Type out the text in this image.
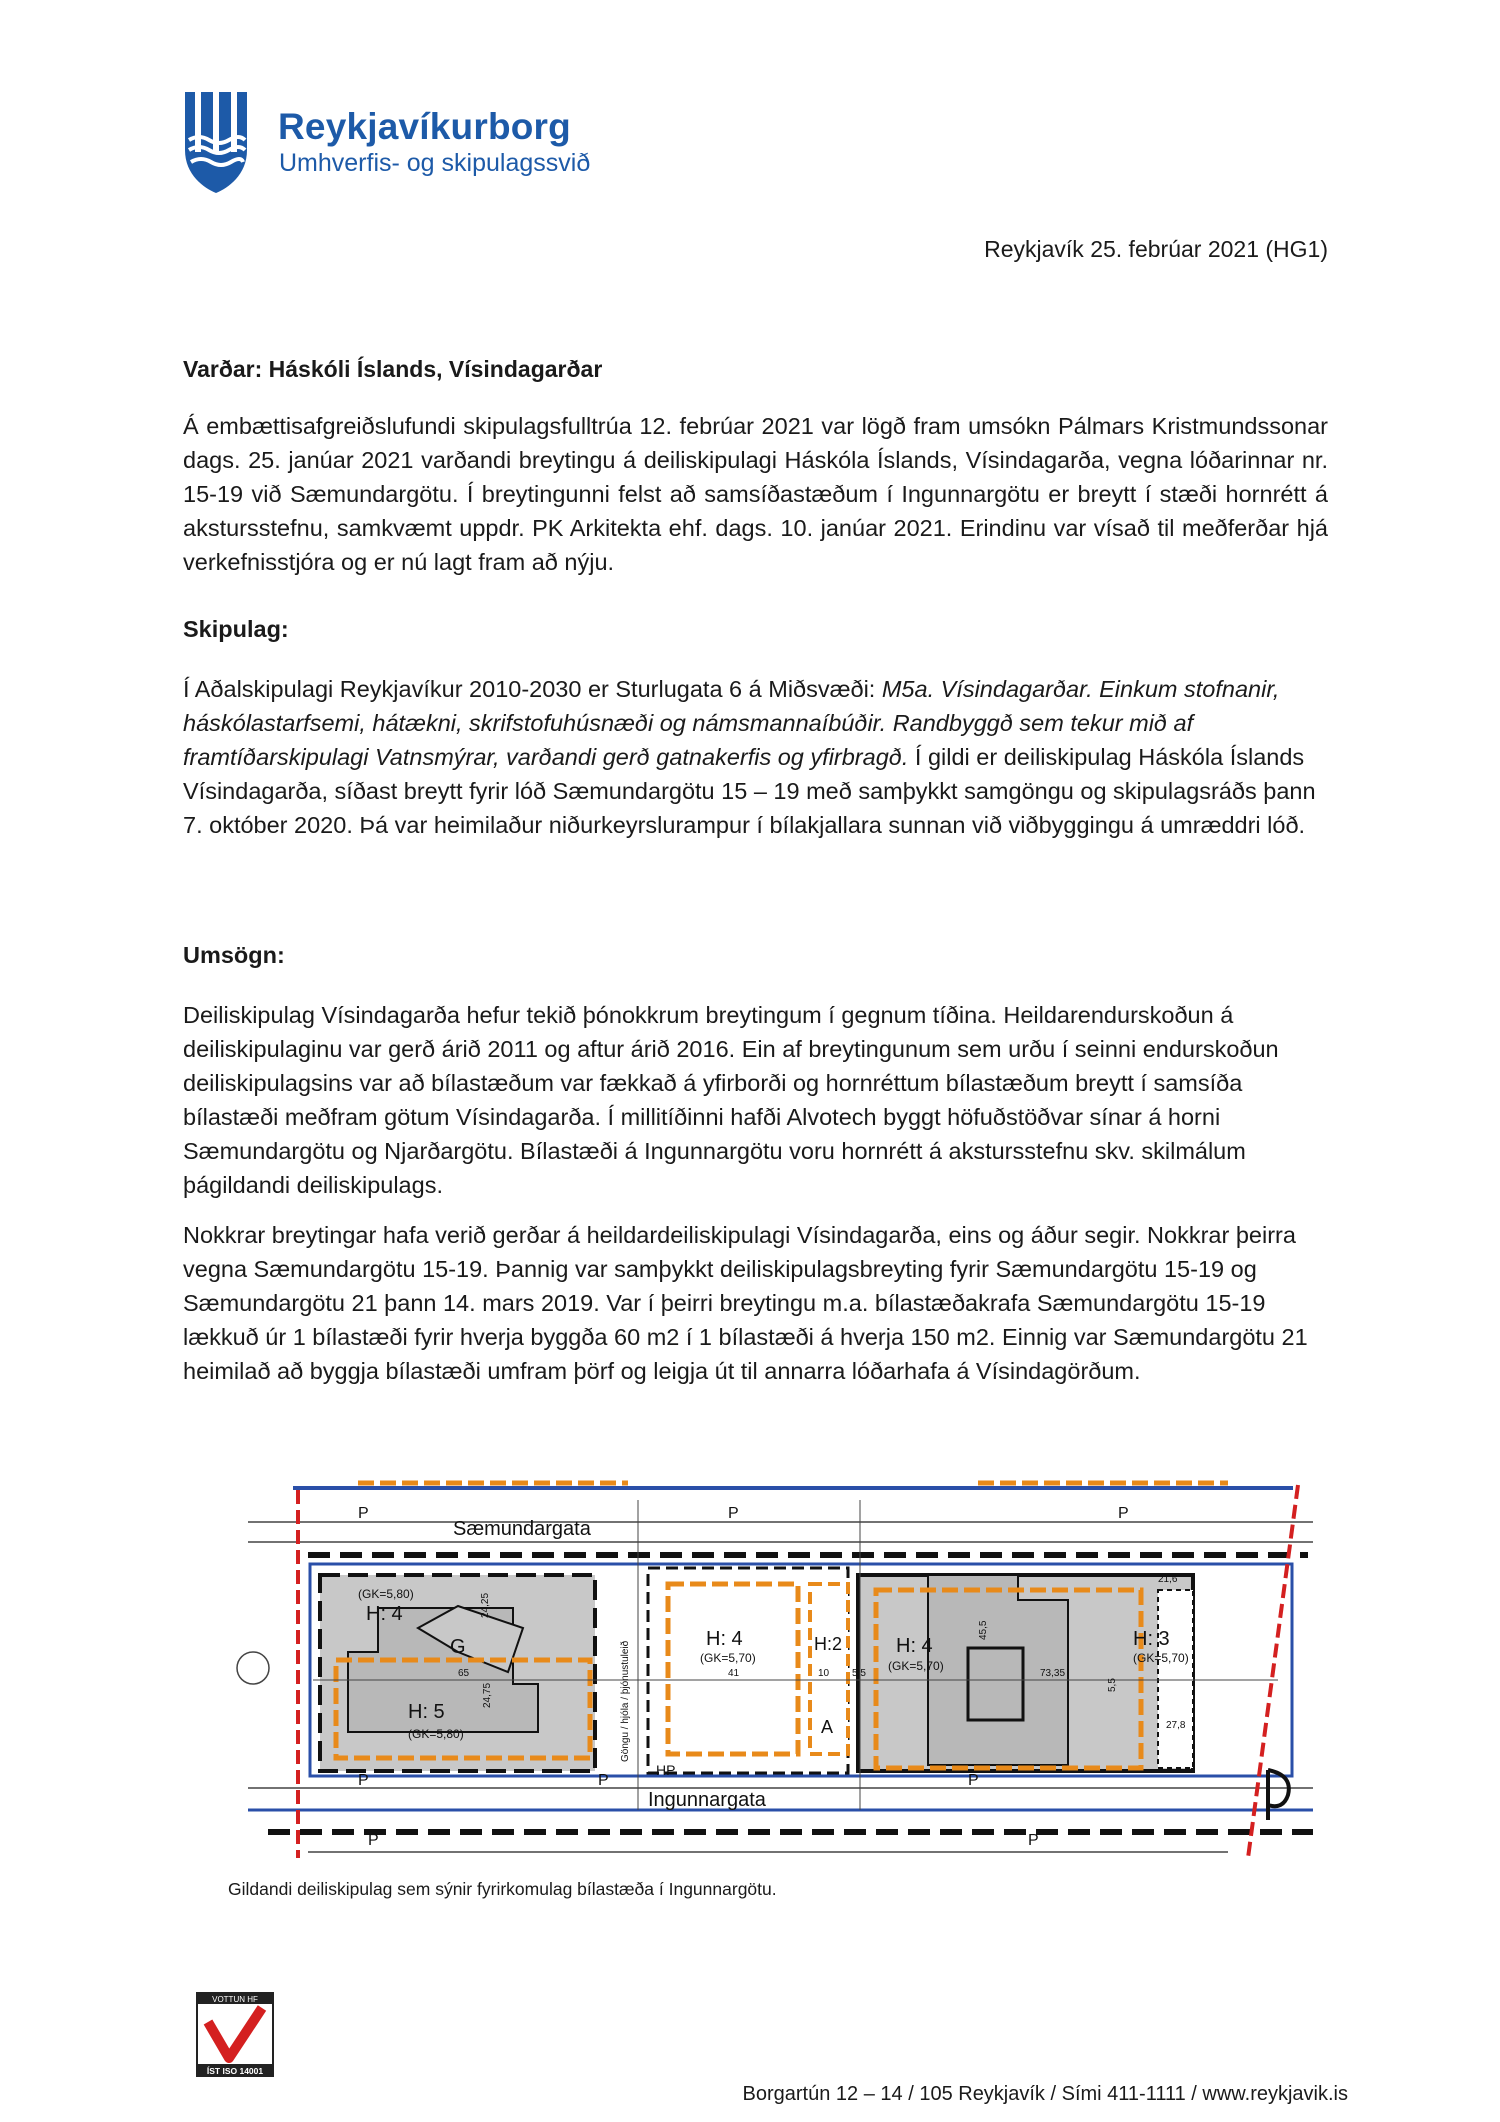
Reykjavíkurborg
Umhverfis- og skipulagssvið
Reykjavík 25. febrúar 2021 (HG1)
Varðar: Háskóli Íslands, Vísindagarðar

Á embættisafgreiðslufundi skipulagsfulltrúa 12. febrúar 2021 var lögð fram umsókn Pálmars Kristmundssonar dags. 25. janúar 2021 varðandi breytingu á deiliskipulagi Háskóla Íslands, Vísindagarða, vegna lóðarinnar nr. 15-19 við Sæmundargötu. Í breytingunni felst að samsíðastæðum í Ingunnargötu er breytt í stæði hornrétt á akstursstefnu, samkvæmt uppdr. PK Arkitekta ehf. dags. 10. janúar 2021. Erindinu var vísað til meðferðar hjá verkefnisstjóra og er nú lagt fram að nýju.

Skipulag:

Í Aðalskipulagi Reykjavíkur 2010-2030 er Sturlugata 6 á Miðsvæði: M5a. Vísindagarðar. Einkum stofnanir, háskólastarfsemi, hátækni, skrifstofuhúsnæði og námsmannaíbúðir. Randbyggð sem tekur mið af framtíðarskipulagi Vatnsmýrar, varðandi gerð gatnakerfis og yfirbragð. Í gildi er deiliskipulag Háskóla Íslands Vísindagarða, síðast breytt fyrir lóð Sæmundargötu 15 – 19 með samþykkt samgöngu og skipulagsráðs þann 7. október 2020. Þá var heimilaður niðurkeyrslurampur í bílakjallara sunnan við viðbyggingu á umræddri lóð.

Umsögn:

Deiliskipulag Vísindagarða hefur tekið þónokkrum breytingum í gegnum tíðina. Heildarendurskoðun á deiliskipulaginu var gerð árið 2011 og aftur árið 2016. Ein af breytingunum sem urðu í seinni endurskoðun deiliskipulagsins var að bílastæðum var fækkað á yfirborði og hornréttum bílastæðum breytt í samsíða bílastæði meðfram götum Vísindagarða. Í millitíðinni hafði Alvotech byggt höfuðstöðvar sínar á horni Sæmundargötu og Njarðargötu. Bílastæði á Ingunnargötu voru hornrétt á akstursstefnu skv. skilmálum þágildandi deiliskipulags.

Nokkrar breytingar hafa verið gerðar á heildardeiliskipulagi Vísindagarða, eins og áður segir. Nokkrar þeirra vegna Sæmundargötu 15-19. Þannig var samþykkt deiliskipulagsbreyting fyrir Sæmundargötu 15-19 og Sæmundargötu 21 þann 14. mars 2019. Var í þeirri breytingu m.a. bílastæðakrafa Sæmundargötu 15-19 lækkuð úr 1 bílastæði fyrir hverja byggða 60 m2 í 1 bílastæði á hverja 150 m2. Einnig var Sæmundargötu 21 heimilað að byggja bílastæði umfram þörf og leigja út til annarra lóðarhafa á Vísindagörðum.

P	P	P
P	P	P
P	P
Sæmundargata
Ingunnargata
H: 4
(GK=5,80)
G
H: 5
(GK=5,80)
H: 4
(GK=5,70)
H:2
A
H: 4
(GK=5,70)
H: 3
(GK=5,70)
HP
Göngu / hjóla / þjónustuleið
65
24,25
24,75
41	10 5,5
45,5
73,35
21,6
27,8
5,5
Gildandi deiliskipulag sem sýnir fyrirkomulag bílastæða í Ingunnargötu.
VOTTUN HF
ÍST ISO 14001
Borgartún 12 – 14 / 105 Reykjavík / Sími 411-1111 / www.reykjavik.is
